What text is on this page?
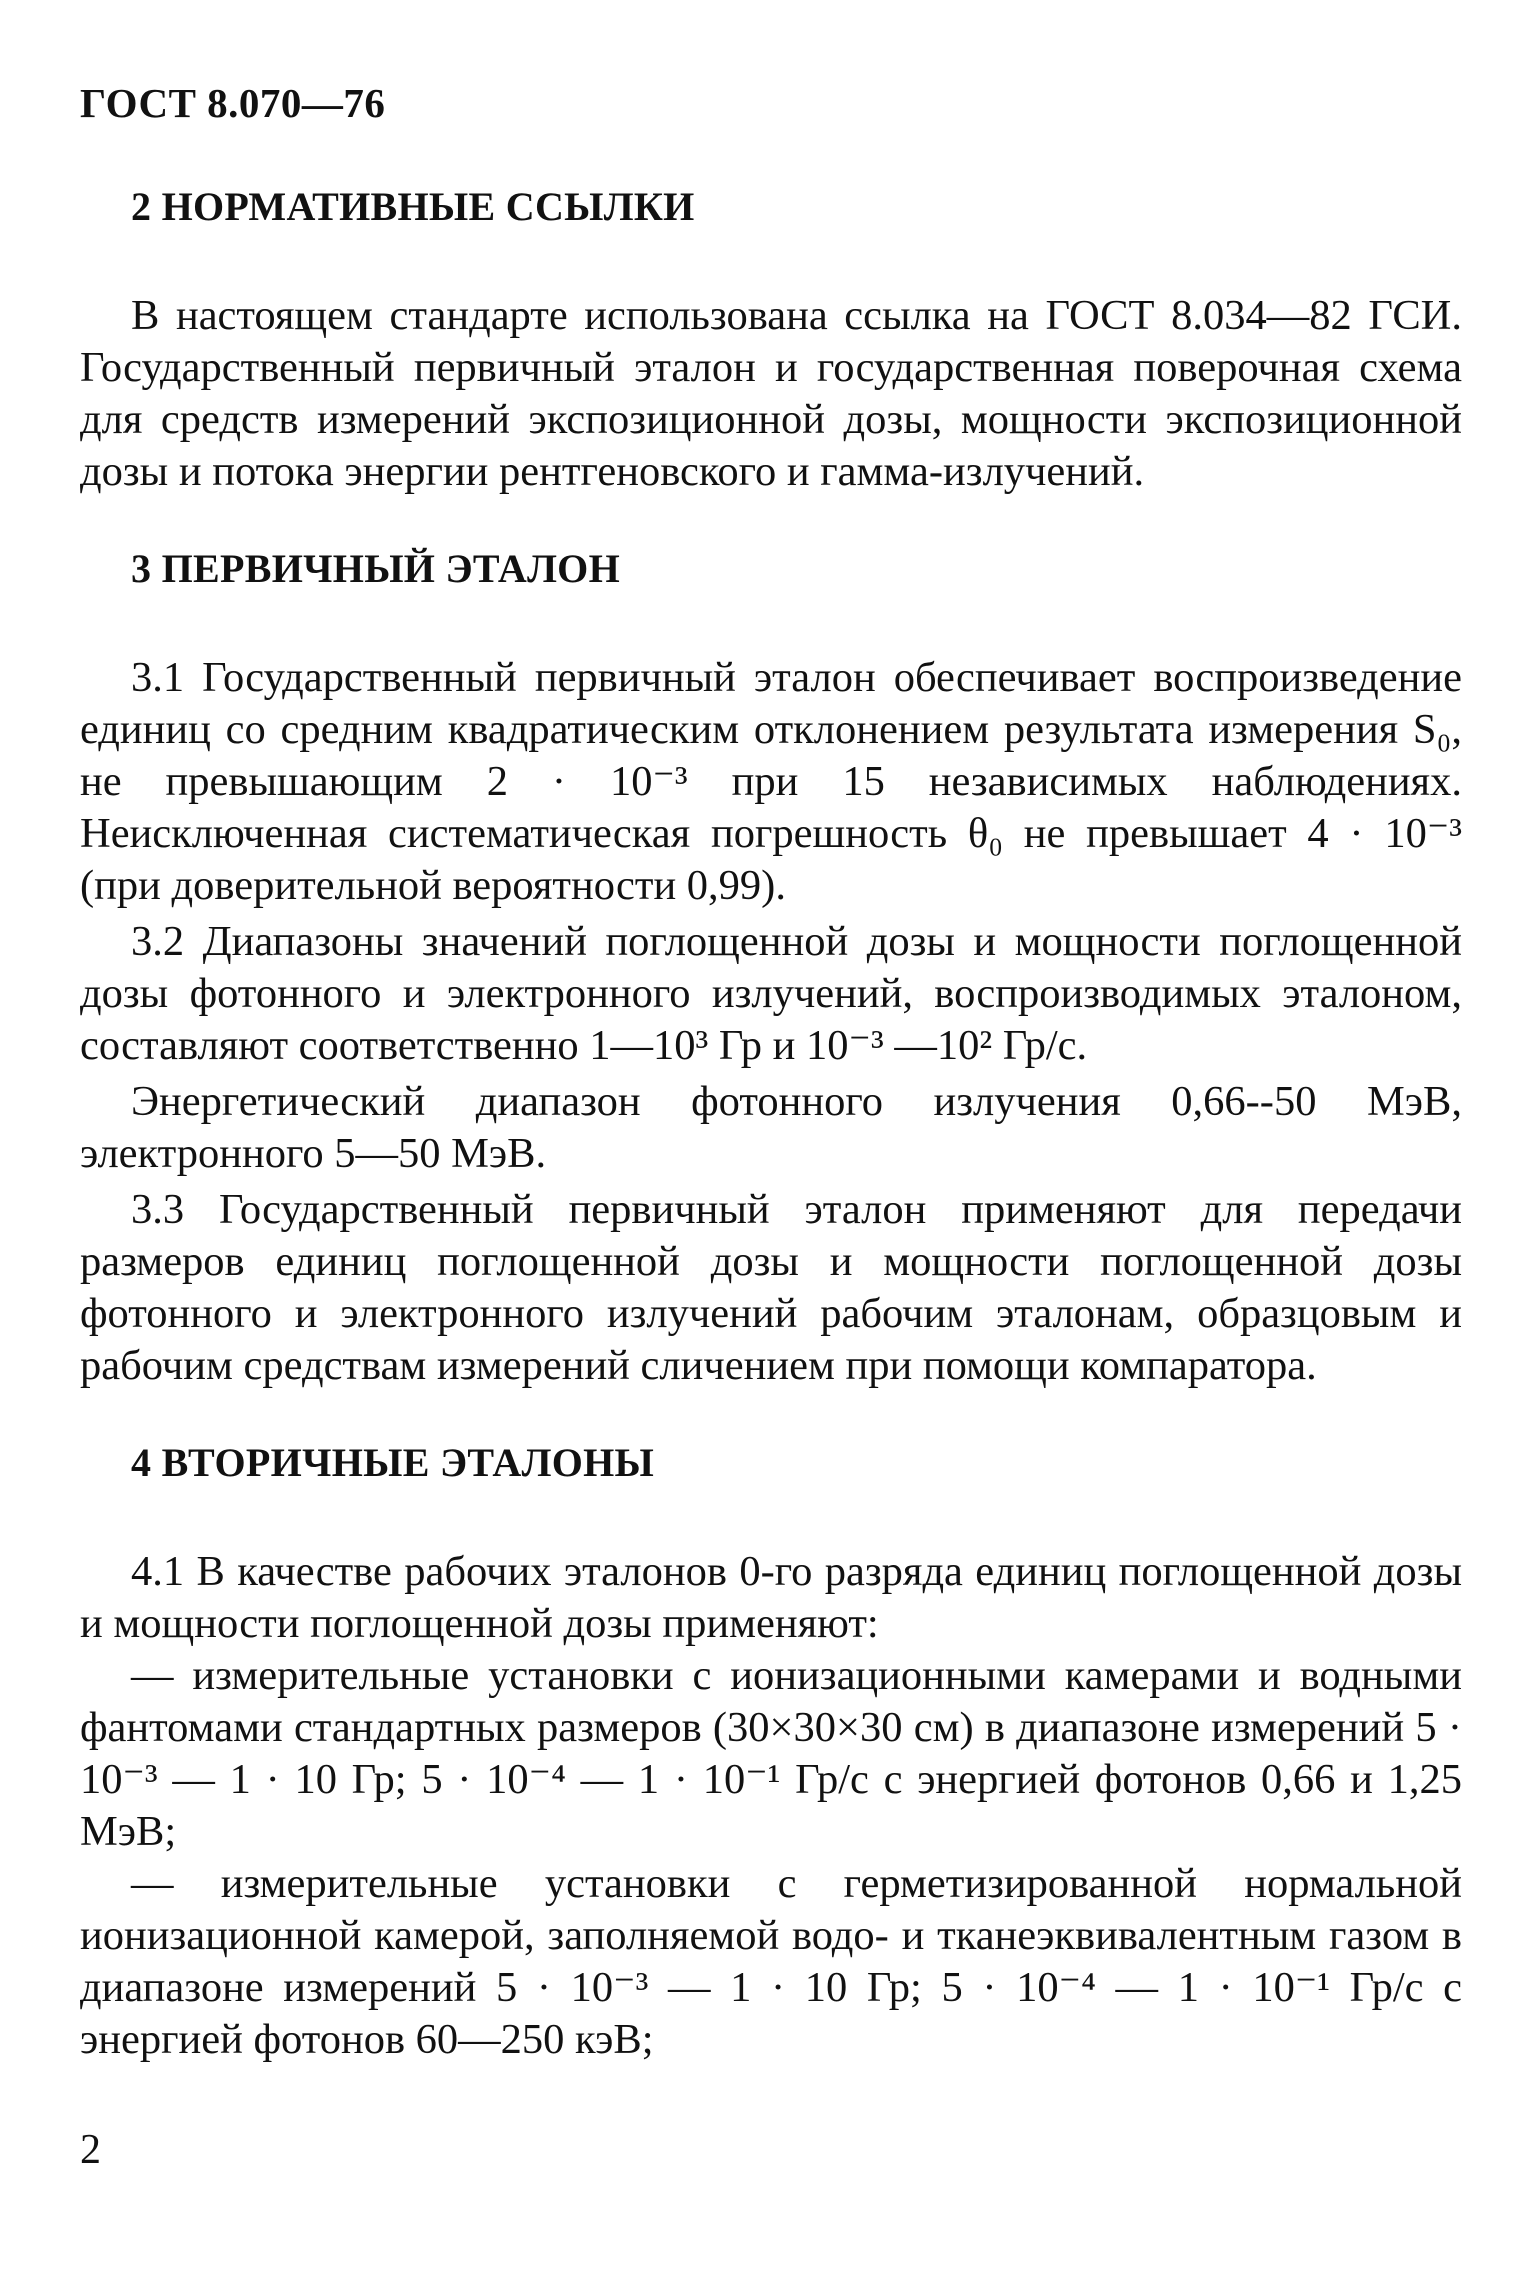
ГОСТ 8.070—76
2 НОРМАТИВНЫЕ ССЫЛКИ

В настоящем стандарте использована ссылка на ГОСТ 8.034—82 ГСИ. Государственный первичный эталон и государственная поверочная схема для средств измерений экспозиционной дозы, мощности экспозиционной дозы и потока энергии рентгеновского и гамма-излучений.

3 ПЕРВИЧНЫЙ ЭТАЛОН

3.1 Государственный первичный эталон обеспечивает воспроизведение единиц со средним квадратическим отклонением результата измерения S₀, не превышающим 2 · 10⁻³ при 15 независимых наблюдениях. Неисключенная систематическая погрешность θ₀ не превышает 4 · 10⁻³ (при доверительной вероятности 0,99).

3.2 Диапазоны значений поглощенной дозы и мощности поглощенной дозы фотонного и электронного излучений, воспроизводимых эталоном, составляют соответственно 1—10³ Гр и 10⁻³ —10² Гр/с.

Энергетический диапазон фотонного излучения 0,66--50 МэВ, электронного 5—50 МэВ.

3.3 Государственный первичный эталон применяют для передачи размеров единиц поглощенной дозы и мощности поглощенной дозы фотонного и электронного излучений рабочим эталонам, образцовым и рабочим средствам измерений сличением при помощи компаратора.

4 ВТОРИЧНЫЕ ЭТАЛОНЫ

4.1 В качестве рабочих эталонов 0-го разряда единиц поглощенной дозы и мощности поглощенной дозы применяют:

— измерительные установки с ионизационными камерами и водными фантомами стандартных размеров (30×30×30 см) в диапазоне измерений 5 · 10⁻³ — 1 · 10 Гр; 5 · 10⁻⁴ — 1 · 10⁻¹ Гр/с с энергией фотонов 0,66 и 1,25 МэВ;

— измерительные установки с герметизированной нормальной ионизационной камерой, заполняемой водо- и тканеэквивалентным газом в диапазоне измерений 5 · 10⁻³ — 1 · 10 Гр; 5 · 10⁻⁴ — 1 · 10⁻¹ Гр/с с энергией фотонов 60—250 кэВ;

2
